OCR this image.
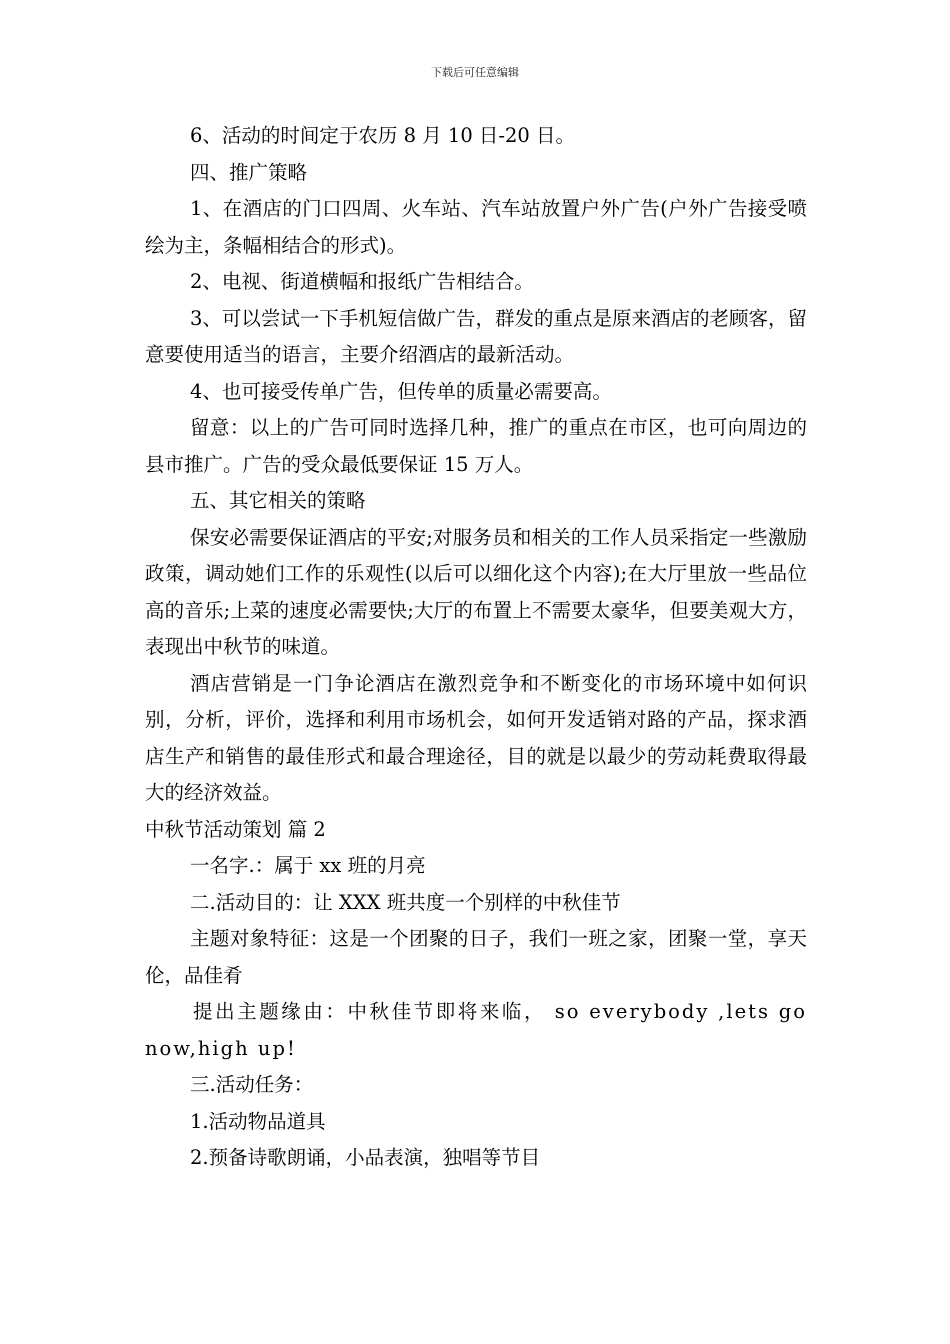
下载后可任意编辑

6、活动的时间定于农历 8 月 10 日-20 日。

四、推广策略

1、在酒店的门口四周、火车站、汽车站放置户外广告(户外广告接受喷绘为主，条幅相结合的形式)。

2、电视、街道横幅和报纸广告相结合。

3、可以尝试一下手机短信做广告，群发的重点是原来酒店的老顾客，留意要使用适当的语言，主要介绍酒店的最新活动。

4、也可接受传单广告，但传单的质量必需要高。

留意：以上的广告可同时选择几种，推广的重点在市区，也可向周边的县市推广。广告的受众最低要保证 15 万人。

五、其它相关的策略

保安必需要保证酒店的平安;对服务员和相关的工作人员采指定一些激励政策，调动她们工作的乐观性(以后可以细化这个内容);在大厅里放一些品位高的音乐;上菜的速度必需要快;大厅的布置上不需要太豪华，但要美观大方，表现出中秋节的味道。

酒店营销是一门争论酒店在激烈竞争和不断变化的市场环境中如何识别，分析，评价，选择和利用市场机会，如何开发适销对路的产品，探求酒店生产和销售的最佳形式和最合理途径，目的就是以最少的劳动耗费取得最大的经济效益。

中秋节活动策划 篇 2

一名字.：属于 xx 班的月亮

二.活动目的：让 XXX 班共度一个别样的中秋佳节

主题对象特征：这是一个团聚的日子，我们一班之家，团聚一堂，享天伦，品佳肴

提出主题缘由：中秋佳节即将来临， so everybody ,lets go now,high up!

三.活动任务：

1.活动物品道具

2.预备诗歌朗诵，小品表演，独唱等节目
